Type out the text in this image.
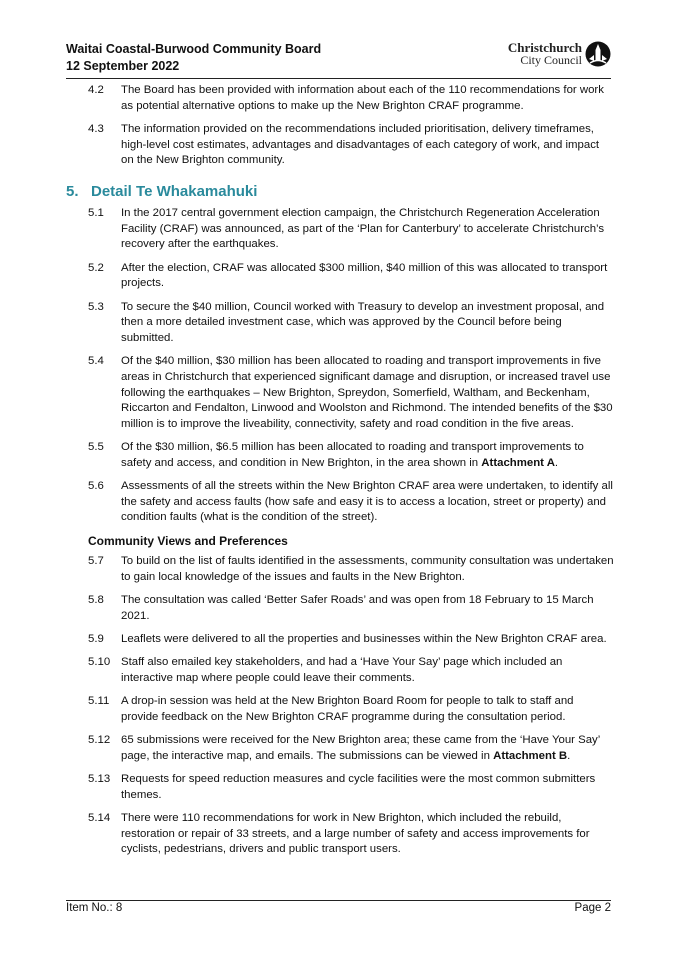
Waitai Coastal-Burwood Community Board
12 September 2022
Christchurch
City Council
4.2	The Board has been provided with information about each of the 110 recommendations for work as potential alternative options to make up the New Brighton CRAF programme.
4.3	The information provided on the recommendations included prioritisation, delivery timeframes, high-level cost estimates, advantages and disadvantages of each category of work, and impact on the New Brighton community.
5. Detail Te Whakamahuki
5.1	In the 2017 central government election campaign, the Christchurch Regeneration Acceleration Facility (CRAF) was announced, as part of the ‘Plan for Canterbury’ to accelerate Christchurch’s recovery after the earthquakes.
5.2	After the election, CRAF was allocated $300 million, $40 million of this was allocated to transport projects.
5.3	To secure the $40 million, Council worked with Treasury to develop an investment proposal, and then a more detailed investment case, which was approved by the Council before being submitted.
5.4	Of the $40 million, $30 million has been allocated to roading and transport improvements in five areas in Christchurch that experienced significant damage and disruption, or increased travel use following the earthquakes – New Brighton, Spreydon, Somerfield, Waltham, and Beckenham, Riccarton and Fendalton, Linwood and Woolston and Richmond. The intended benefits of the $30 million is to improve the liveability, connectivity, safety and road condition in the five areas.
5.5	Of the $30 million, $6.5 million has been allocated to roading and transport improvements to safety and access, and condition in New Brighton, in the area shown in Attachment A.
5.6	Assessments of all the streets within the New Brighton CRAF area were undertaken, to identify all the safety and access faults (how safe and easy it is to access a location, street or property) and condition faults (what is the condition of the street).
Community Views and Preferences
5.7	To build on the list of faults identified in the assessments, community consultation was undertaken to gain local knowledge of the issues and faults in the New Brighton.
5.8	The consultation was called ‘Better Safer Roads’ and was open from 18 February to 15 March 2021.
5.9	Leaflets were delivered to all the properties and businesses within the New Brighton CRAF area.
5.10 Staff also emailed key stakeholders, and had a ‘Have Your Say’ page which included an interactive map where people could leave their comments.
5.11	A drop-in session was held at the New Brighton Board Room for people to talk to staff and provide feedback on the New Brighton CRAF programme during the consultation period.
5.12 65 submissions were received for the New Brighton area; these came from the ‘Have Your Say’ page, the interactive map, and emails. The submissions can be viewed in Attachment B.
5.13 Requests for speed reduction measures and cycle facilities were the most common submitters themes.
5.14 There were 110 recommendations for work in New Brighton, which included the rebuild, restoration or repair of 33 streets, and a large number of safety and access improvements for cyclists, pedestrians, drivers and public transport users.
Item No.: 8	Page 2
